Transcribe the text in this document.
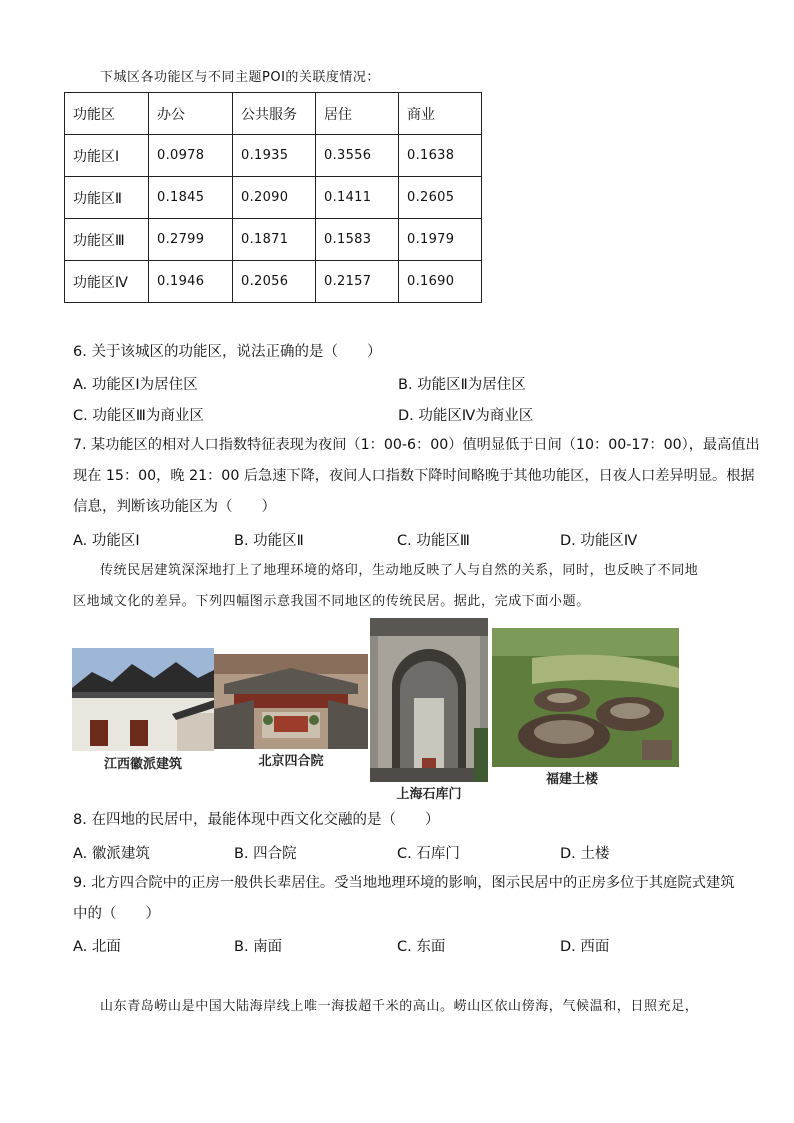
下城区各功能区与不同主题POI的关联度情况：
功能区	办公	公共服务	居住	商业
功能区Ⅰ	0.0978	0.1935	0.3556	0.1638
功能区Ⅱ	0.1845	0.2090	0.1411	0.2605
功能区Ⅲ	0.2799	0.1871	0.1583	0.1979
功能区Ⅳ	0.1946	0.2056	0.2157	0.1690
6. 关于该城区的功能区，说法正确的是（　　）
A. 功能区Ⅰ为居住区	B. 功能区Ⅱ为居住区
C. 功能区Ⅲ为商业区	D. 功能区Ⅳ为商业区
7. 某功能区的相对人口指数特征表现为夜间（1：00-6：00）值明显低于日间（10：00-17：00），最高值出
现在 15：00，晚 21：00 后急速下降，夜间人口指数下降时间略晚于其他功能区，日夜人口差异明显。根据
信息，判断该功能区为（　　）
A. 功能区Ⅰ	B. 功能区Ⅱ	C. 功能区Ⅲ	D. 功能区Ⅳ
传统民居建筑深深地打上了地理环境的烙印，生动地反映了人与自然的关系，同时，也反映了不同地
区地域文化的差异。下列四幅图示意我国不同地区的传统民居。据此，完成下面小题。
江西徽派建筑	北京四合院
上海石库门
福建土楼
8. 在四地的民居中，最能体现中西文化交融的是（　　）
A. 徽派建筑	B. 四合院	C. 石库门	D. 土楼
9. 北方四合院中的正房一般供长辈居住。受当地地理环境的影响，图示民居中的正房多位于其庭院式建筑
中的（　　）
A. 北面	B. 南面	C. 东面	D. 西面
山东青岛崂山是中国大陆海岸线上唯一海拔超千米的高山。崂山区依山傍海，气候温和，日照充足，
